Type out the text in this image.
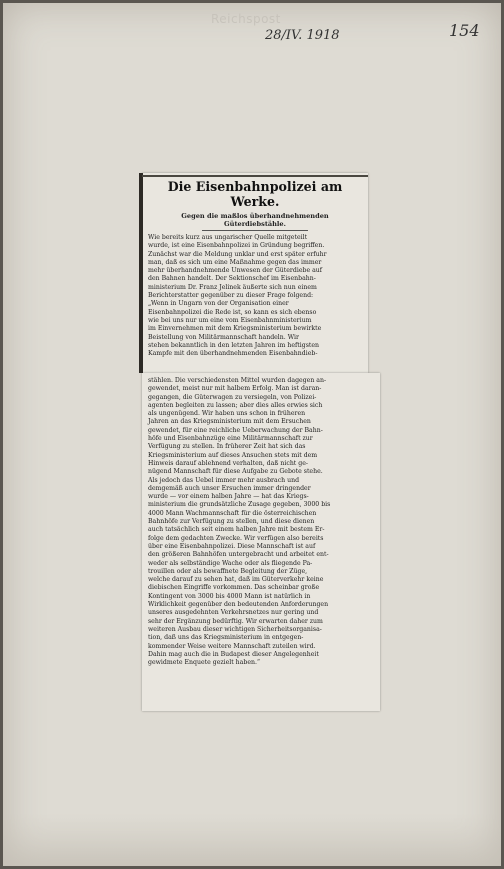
Reichspost
28/IV. 1918	154
Die Eisenbahnpolizei am
Werke.
Gegen die maßlos überhandnehmenden
Güterdiebstähle.
Wie bereits kurz aus ungarischer Quelle mitgeteilt
wurde, ist eine Eisenbahnpolizei in Gründung begriffen.
Zunächst war die Meldung unklar und erst später erfuhr
man, daß es sich um eine Maßnahme gegen das immer
mehr überhandnehmende Unwesen der Güterdiebe auf
den Bahnen handelt. Der Sektionschef im Eisenbahn-
ministerium Dr. Franz Jelinek äußerte sich nun einem
Berichterstatter gegenüber zu dieser Frage folgend:
„Wenn in Ungarn von der Organisation einer
Eisenbahnpolizei die Rede ist, so kann es sich ebenso
wie bei uns nur um eine vom Eisenbahnministerium
im Einvernehmen mit dem Kriegsministerium bewirkte
Beistellung von Militärmannschaft handeln. Wir
stehen bekanntlich in den letzten Jahren im heftigsten
Kampfe mit den überhandnehmenden Eisenbahndieb-
stählen. Die verschiedensten Mittel wurden dagegen an-
gewendet, meist nur mit halbem Erfolg. Man ist daran-
gegangen, die Güterwagen zu versiegeln, von Polizei-
agenten begleiten zu lassen; aber dies alles erwies sich
als ungenügend. Wir haben uns schon in früheren
Jahren an das Kriegsministerium mit dem Ersuchen
gewendet, für eine reichliche Ueberwachung der Bahn-
höfe und Eisenbahnzüge eine Militärmannschaft zur
Verfügung zu stellen. In früherer Zeit hat sich das
Kriegsministerium auf dieses Ansuchen stets mit dem
Hinweis darauf ablehnend verhalten, daß nicht ge-
nügend Mannschaft für diese Aufgabe zu Gebote stehe.
Als jedoch das Uebel immer mehr ausbrach und
demgemäß auch unser Ersuchen immer dringender
wurde — vor einem halben Jahre — hat das Kriegs-
ministerium die grundsätzliche Zusage gegeben, 3000 bis
4000 Mann Wachmannschaft für die österreichischen
Bahnhöfe zur Verfügung zu stellen, und diese dienen
auch tatsächlich seit einem halben Jahre mit bestem Er-
folge dem gedachten Zwecke. Wir verfügen also bereits
über eine Eisenbahnpolizei. Diese Mannschaft ist auf
den größeren Bahnhöfen untergebracht und arbeitet ent-
weder als selbständige Wache oder als fliegende Pa-
trouillen oder als bewaffnete Begleitung der Züge,
welche darauf zu sehen hat, daß im Güterverkehr keine
diebischen Eingriffe vorkommen. Das scheinbar große
Kontingent von 3000 bis 4000 Mann ist natürlich in
Wirklichkeit gegenüber den bedeutenden Anforderungen
unseres ausgedehnten Verkehrsnetzes nur gering und
sehr der Ergänzung bedürftig. Wir erwarten daher zum
weiteren Ausbau dieser wichtigen Sicherheitsorganisa-
tion, daß uns das Kriegsministerium in entgegen-
kommender Weise weitere Mannschaft zuteilen wird.
Dahin mag auch die in Budapest dieser Angelegenheit
gewidmete Enquete gezielt haben.“
